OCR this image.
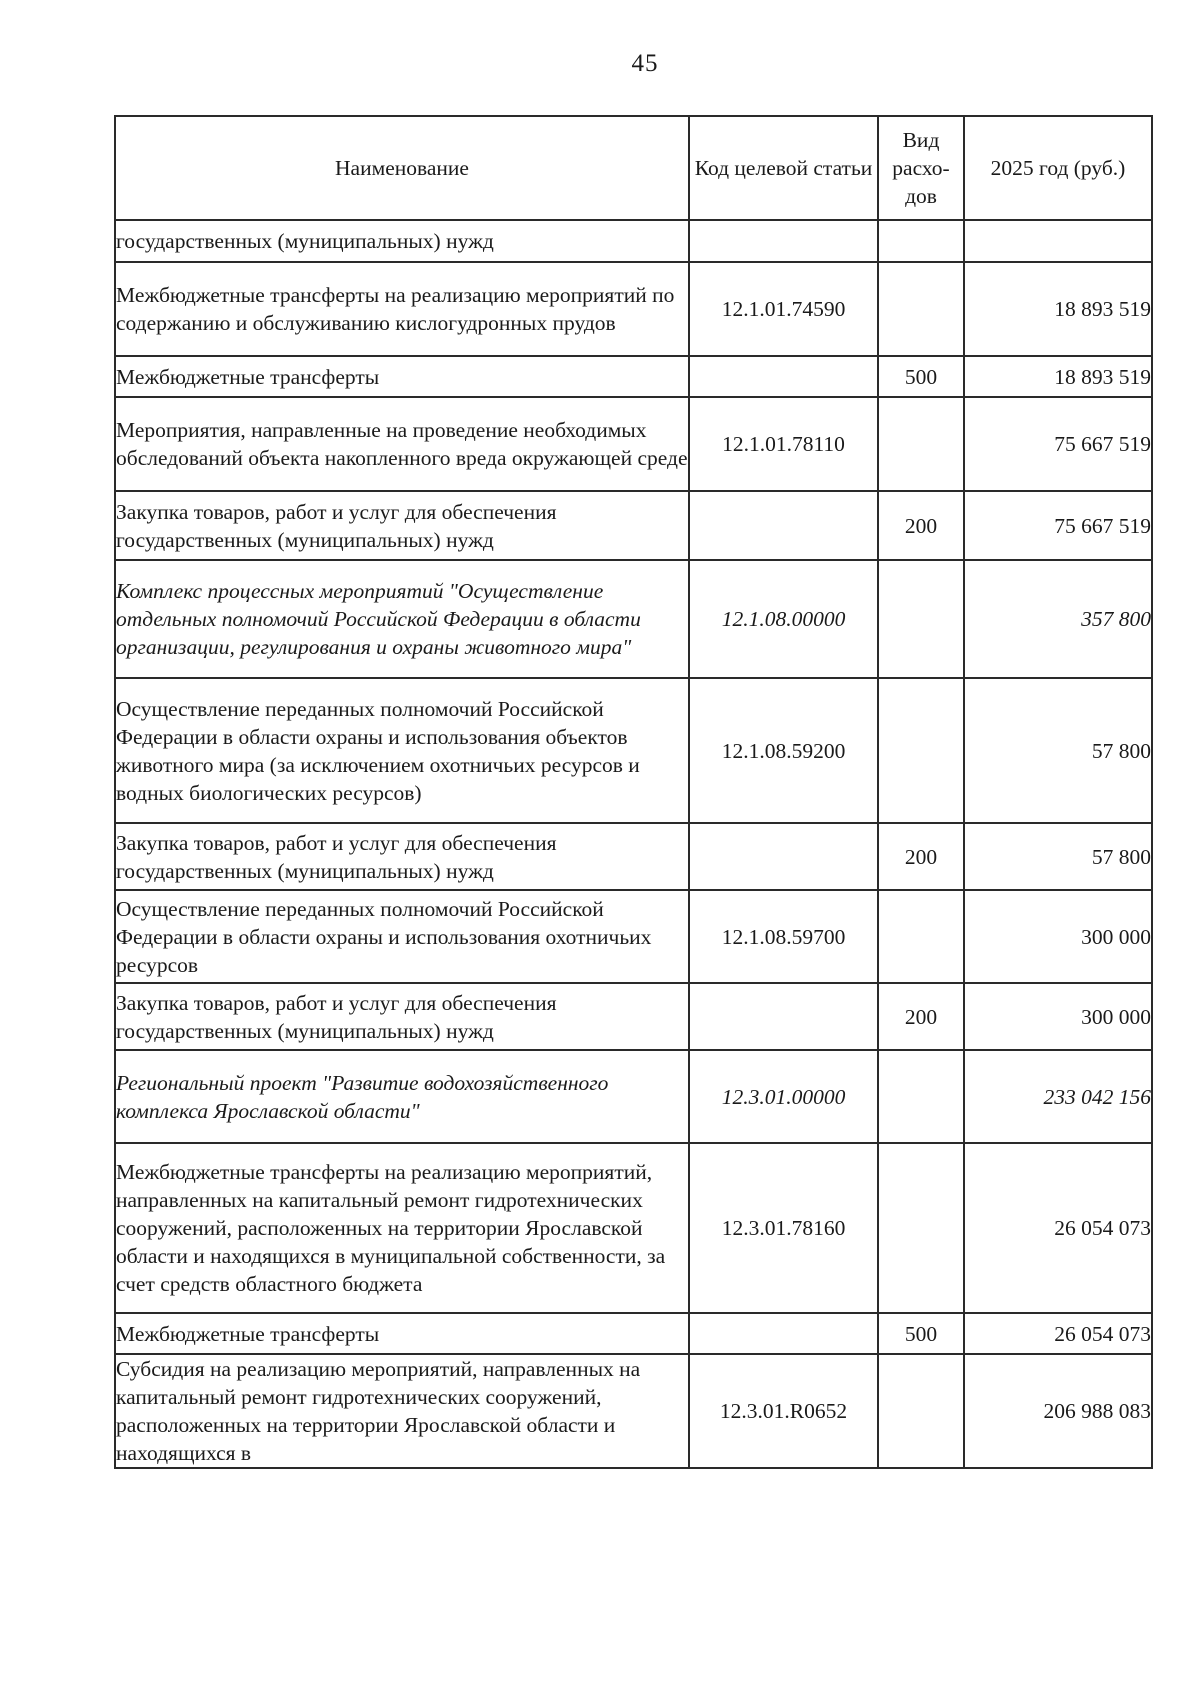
45
Наименование	Код целевой статьи	Вид расхо-дов	2025 год (руб.)
государственных (муниципальных) нужд			
Межбюджетные трансферты на реализацию мероприятий по содержанию и обслуживанию кислогудронных прудов	12.1.01.74590		18 893 519
Межбюджетные трансферты		500	18 893 519
Мероприятия, направленные на проведение необходимых обследований объекта накопленного вреда окружающей среде	12.1.01.78110		75 667 519
Закупка товаров, работ и услуг для обеспечения государственных (муниципальных) нужд		200	75 667 519
Комплекс процессных мероприятий "Осуществление отдельных полномочий Российской Федерации в области организации, регулирования и охраны животного мира"	12.1.08.00000		357 800
Осуществление переданных полномочий Российской Федерации в области охраны и использования объектов животного мира (за исключением охотничьих ресурсов и водных биологических ресурсов)	12.1.08.59200		57 800
Закупка товаров, работ и услуг для обеспечения государственных (муниципальных) нужд		200	57 800
Осуществление переданных полномочий Российской Федерации в области охраны и использования охотничьих ресурсов	12.1.08.59700		300 000
Закупка товаров, работ и услуг для обеспечения государственных (муниципальных) нужд		200	300 000
Региональный проект "Развитие водохозяйственного комплекса Ярославской области"	12.3.01.00000		233 042 156
Межбюджетные трансферты на реализацию мероприятий, направленных на капитальный ремонт гидротехнических сооружений, расположенных на территории Ярославской области и находящихся в муниципальной собственности, за счет средств областного бюджета	12.3.01.78160		26 054 073
Межбюджетные трансферты		500	26 054 073
Субсидия на реализацию мероприятий, направленных на капитальный ремонт гидротехнических сооружений, расположенных на территории Ярославской области и находящихся в	12.3.01.R0652		206 988 083
